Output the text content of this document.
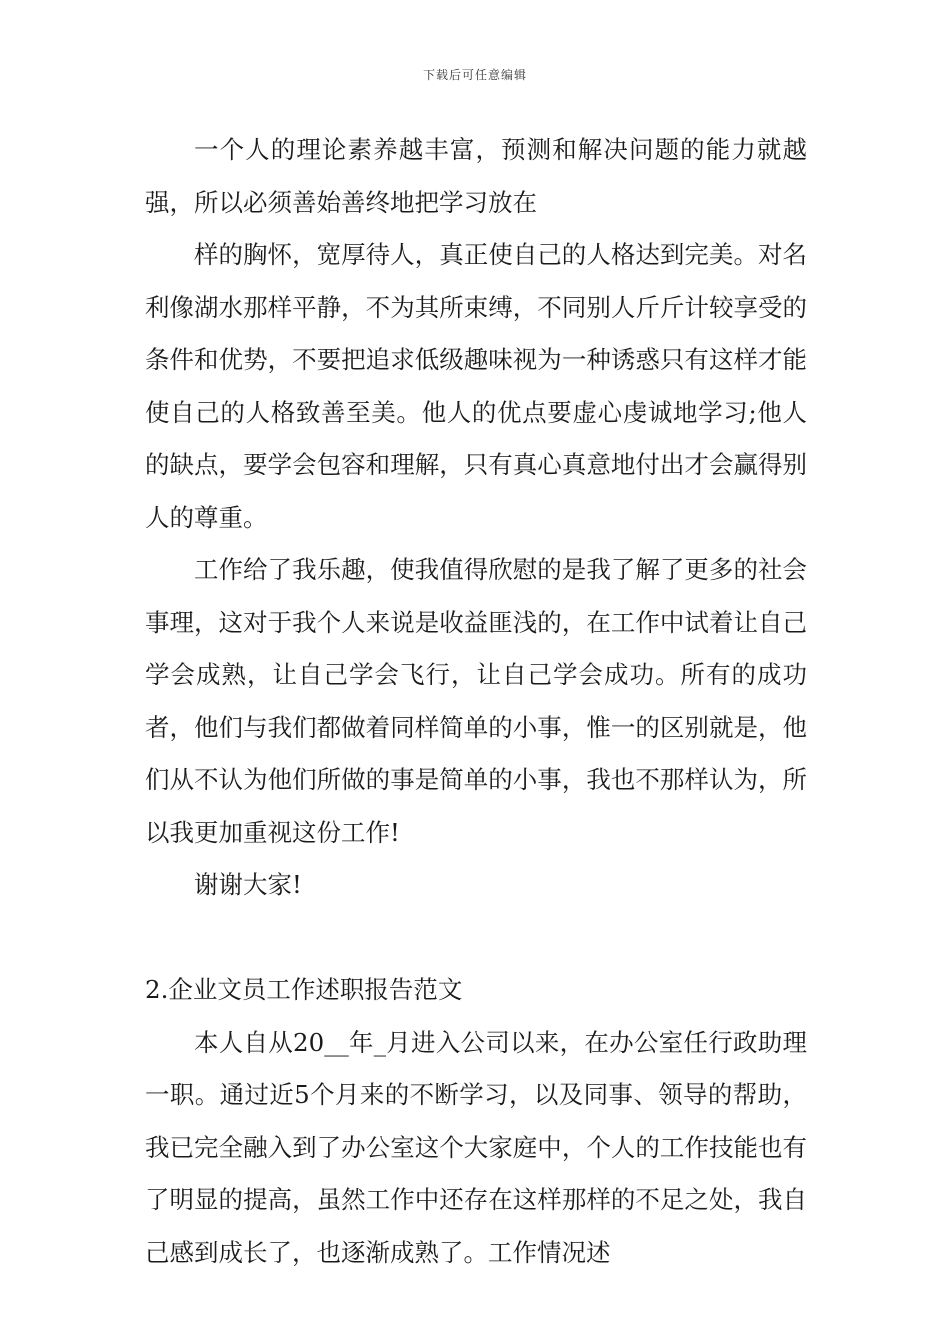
下载后可任意编辑

一个人的理论素养越丰富，预测和解决问题的能力就越强，所以必须善始善终地把学习放在

样的胸怀，宽厚待人，真正使自己的人格达到完美。对名利像湖水那样平静，不为其所束缚，不同别人斤斤计较享受的条件和优势，不要把追求低级趣味视为一种诱惑只有这样才能使自己的人格致善至美。他人的优点要虚心虔诚地学习;他人的缺点，要学会包容和理解，只有真心真意地付出才会赢得别人的尊重。

工作给了我乐趣，使我值得欣慰的是我了解了更多的社会事理，这对于我个人来说是收益匪浅的，在工作中试着让自己学会成熟，让自己学会飞行，让自己学会成功。所有的成功者，他们与我们都做着同样简单的小事，惟一的区别就是，他们从不认为他们所做的事是简单的小事，我也不那样认为，所以我更加重视这份工作!

谢谢大家!

2.企业文员工作述职报告范文

本人自从20__年_月进入公司以来，在办公室任行政助理一职。通过近5个月来的不断学习，以及同事、领导的帮助，我已完全融入到了办公室这个大家庭中，个人的工作技能也有了明显的提高，虽然工作中还存在这样那样的不足之处，我自己感到成长了，也逐渐成熟了。工作情况述
